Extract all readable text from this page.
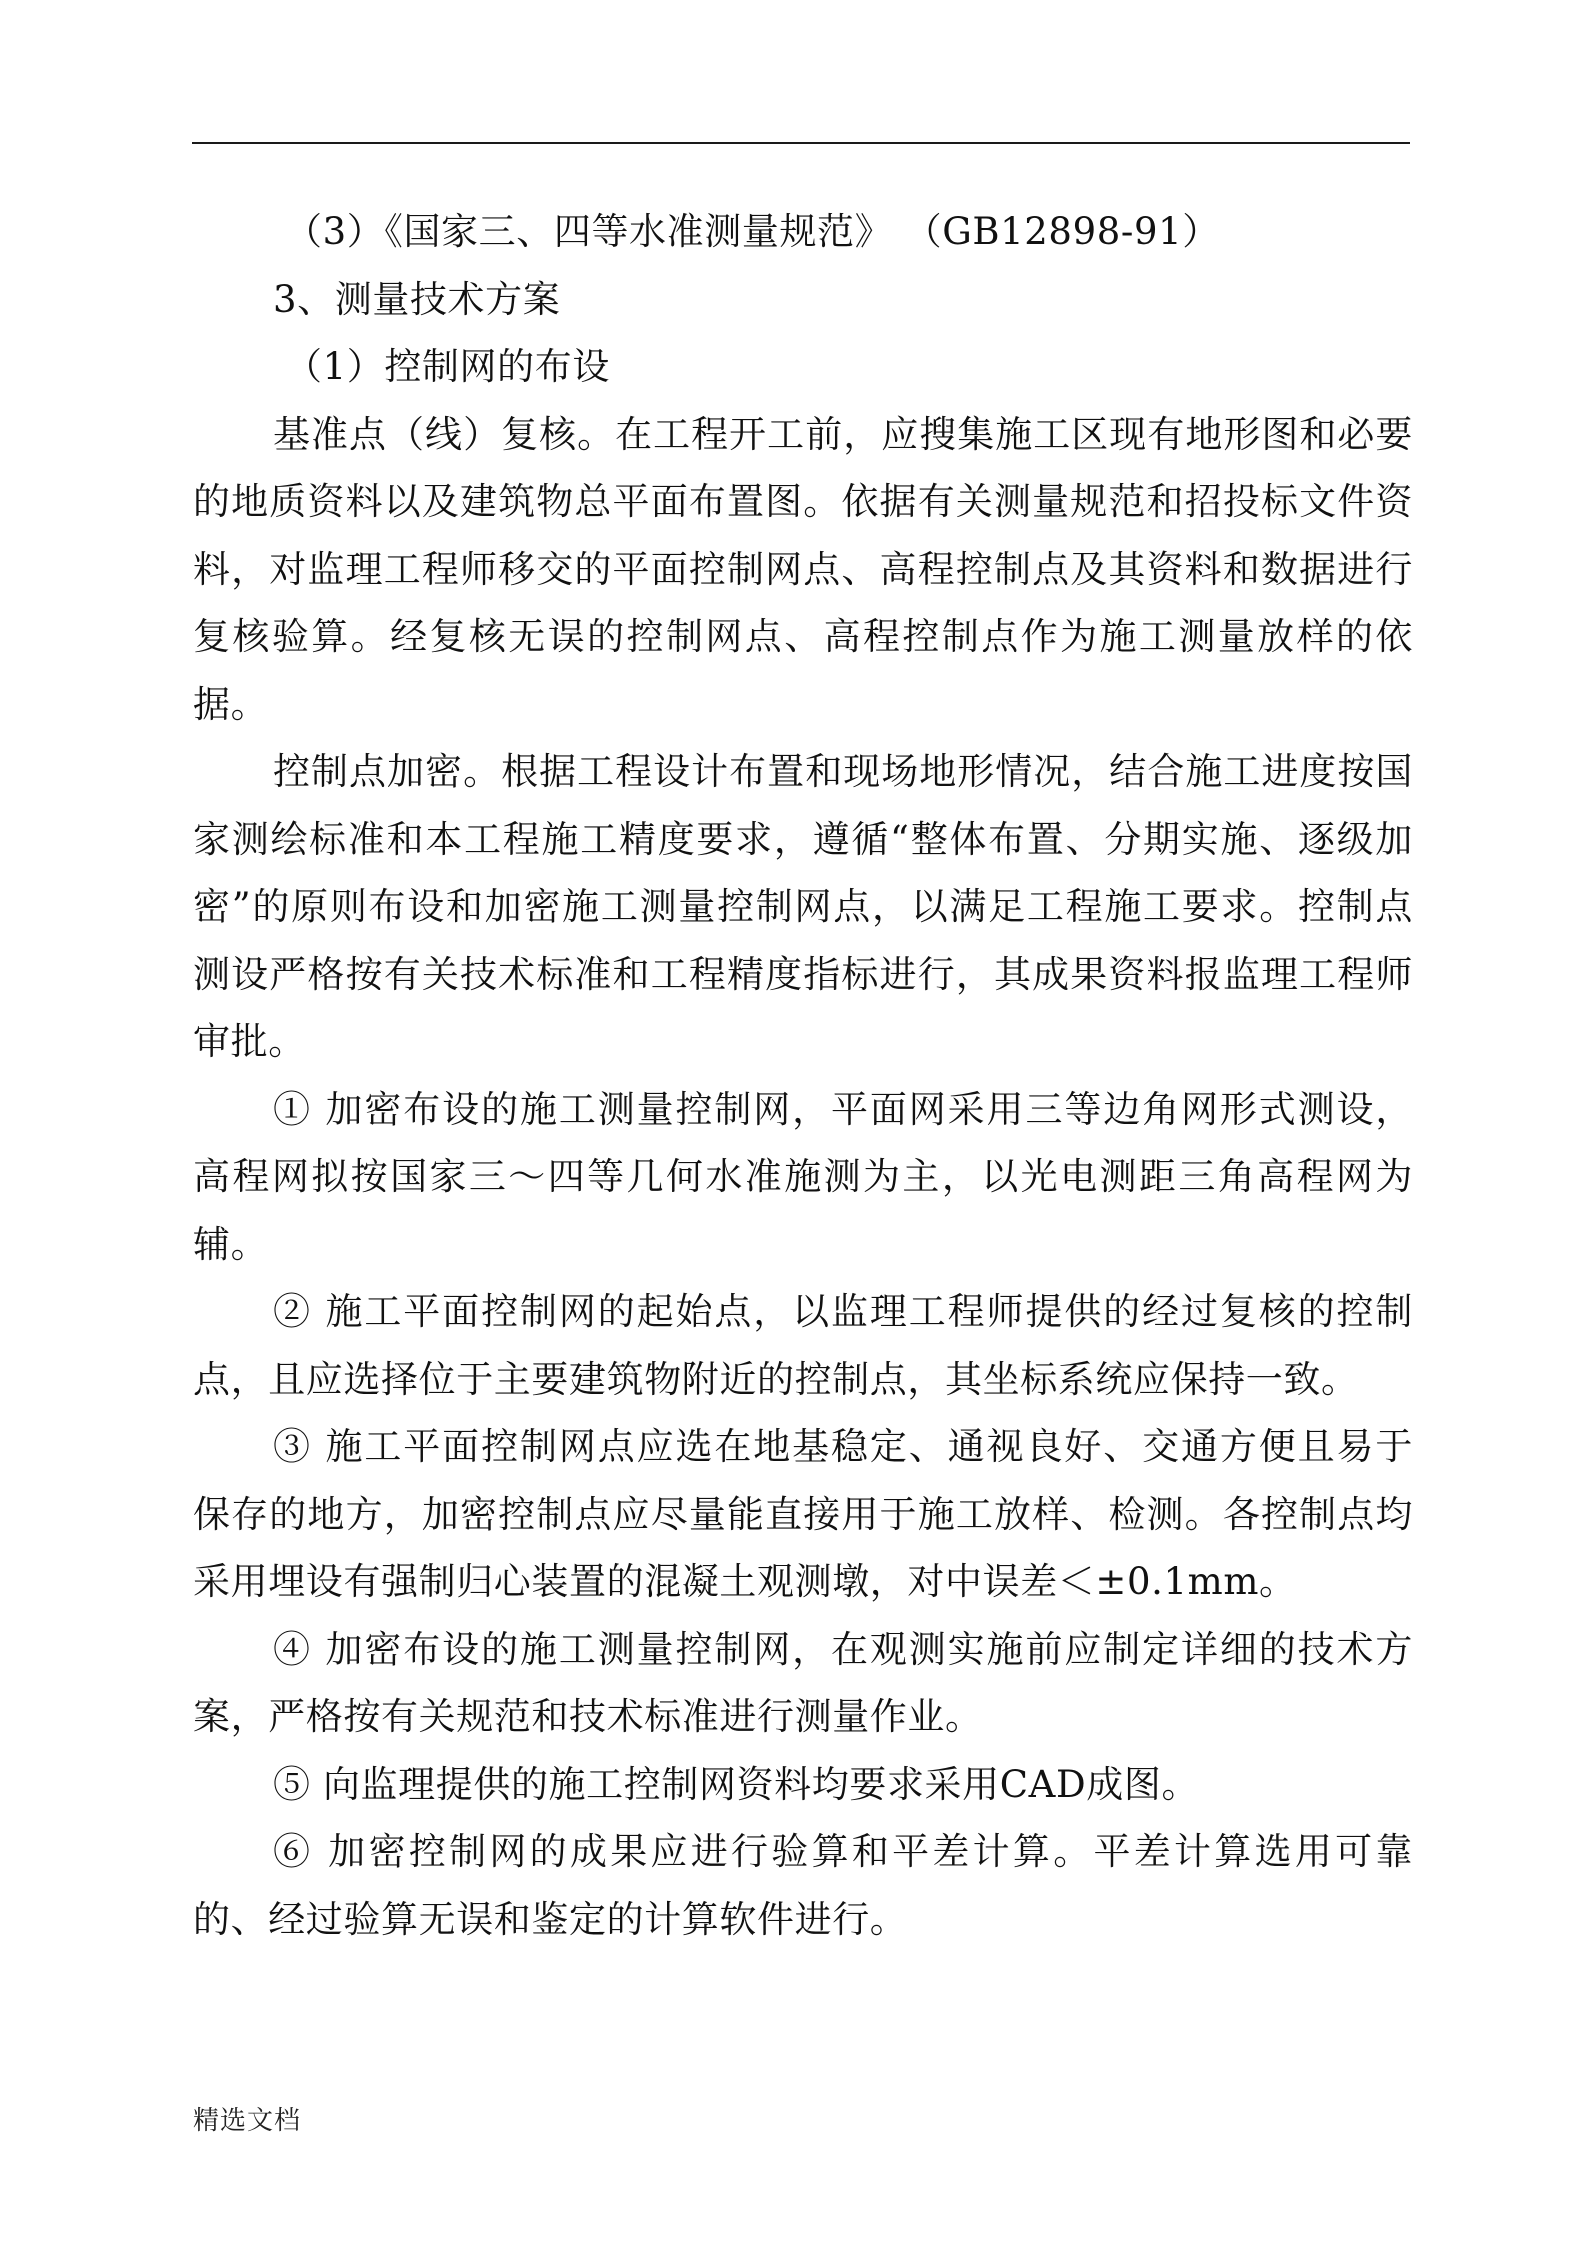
（3）《国家三、四等水准测量规范》 （GB12898-91）

3、测量技术方案

（1）控制网的布设

基准点（线）复核。在工程开工前，应搜集施工区现有地形图和必要的地质资料以及建筑物总平面布置图。依据有关测量规范和招投标文件资料，对监理工程师移交的平面控制网点、高程控制点及其资料和数据进行复核验算。经复核无误的控制网点、高程控制点作为施工测量放样的依据。

控制点加密。根据工程设计布置和现场地形情况，结合施工进度按国家测绘标准和本工程施工精度要求，遵循“整体布置、分期实施、逐级加密”的原则布设和加密施工测量控制网点，以满足工程施工要求。控制点测设严格按有关技术标准和工程精度指标进行，其成果资料报监理工程师审批。

① 加密布设的施工测量控制网，平面网采用三等边角网形式测设，高程网拟按国家三～四等几何水准施测为主，以光电测距三角高程网为辅。

② 施工平面控制网的起始点，以监理工程师提供的经过复核的控制点，且应选择位于主要建筑物附近的控制点，其坐标系统应保持一致。

③ 施工平面控制网点应选在地基稳定、通视良好、交通方便且易于保存的地方，加密控制点应尽量能直接用于施工放样、检测。各控制点均采用埋设有强制归心装置的混凝土观测墩，对中误差＜±0.1mm。

④ 加密布设的施工测量控制网，在观测实施前应制定详细的技术方案，严格按有关规范和技术标准进行测量作业。

⑤ 向监理提供的施工控制网资料均要求采用CAD成图。

⑥ 加密控制网的成果应进行验算和平差计算。平差计算选用可靠的、经过验算无误和鉴定的计算软件进行。

精选文档
